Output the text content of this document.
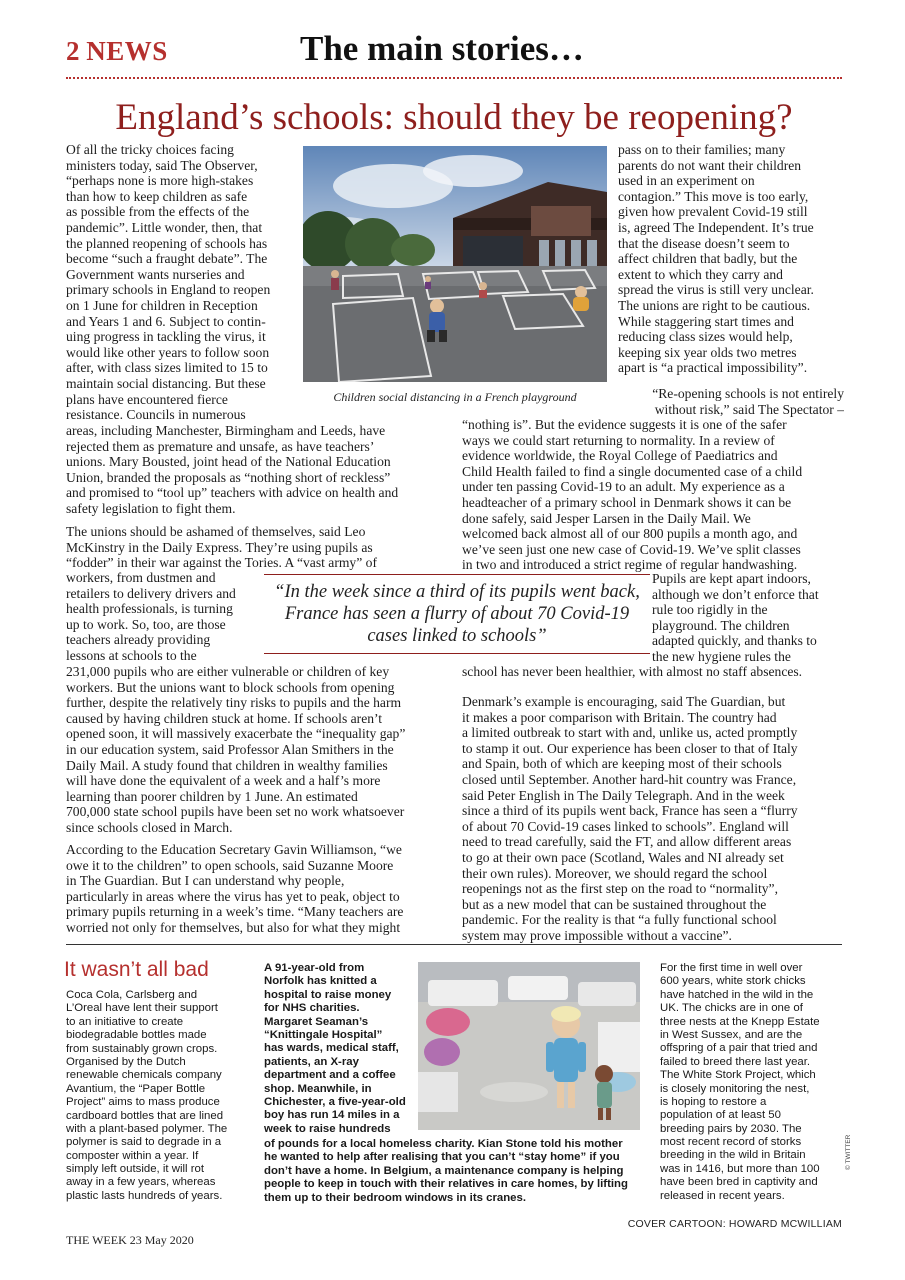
2 NEWS	The main stories…
England’s schools: should they be reopening?
Of all the tricky choices facing
ministers today, said The Observer,
“perhaps none is more high-stakes
than how to keep children as safe
as possible from the effects of the
pandemic”. Little wonder, then, that
the planned reopening of schools has
become “such a fraught debate”. The
Government wants nurseries and
primary schools in England to reopen
on 1 June for children in Reception
and Years 1 and 6. Subject to contin-
uing progress in tackling the virus, it
would like other years to follow soon
after, with class sizes limited to 15 to
maintain social distancing. But these
plans have encountered fierce
resistance. Councils in numerous
areas, including Manchester, Birmingham and Leeds, have
rejected them as premature and unsafe, as have teachers’
unions. Mary Bousted, joint head of the National Education
Union, branded the proposals as “nothing short of reckless”
and promised to “tool up” teachers with advice on health and
safety legislation to fight them.
The unions should be ashamed of themselves, said Leo
McKinstry in the Daily Express. They’re using pupils as
“fodder” in their war against the Tories. A “vast army” of
workers, from dustmen and
retailers to delivery drivers and
health professionals, is turning
up to work. So, too, are those
teachers already providing
lessons at schools to the
231,000 pupils who are either vulnerable or children of key
workers. But the unions want to block schools from opening
further, despite the relatively tiny risks to pupils and the harm
caused by having children stuck at home. If schools aren’t
opened soon, it will massively exacerbate the “inequality gap”
in our education system, said Professor Alan Smithers in the
Daily Mail. A study found that children in wealthy families
will have done the equivalent of a week and a half’s more
learning than poorer children by 1 June. An estimated
700,000 state school pupils have been set no work whatsoever
since schools closed in March.
According to the Education Secretary Gavin Williamson, “we
owe it to the children” to open schools, said Suzanne Moore
in The Guardian. But I can understand why people,
particularly in areas where the virus has yet to peak, object to
primary pupils returning in a week’s time. “Many teachers are
worried not only for themselves, but also for what they might
pass on to their families; many
parents do not want their children
used in an experiment on
contagion.” This move is too early,
given how prevalent Covid-19 still
is, agreed The Independent. It’s true
that the disease doesn’t seem to
affect children that badly, but the
extent to which they carry and
spread the virus is still very unclear.
The unions are right to be cautious.
While staggering start times and
reducing class sizes would help,
keeping six year olds two metres
apart is “a practical impossibility”.
“Re-opening schools is not entirely
without risk,” said The Spectator –
“nothing is”. But the evidence suggests it is one of the safer
ways we could start returning to normality. In a review of
evidence worldwide, the Royal College of Paediatrics and
Child Health failed to find a single documented case of a child
under ten passing Covid-19 to an adult. My experience as a
headteacher of a primary school in Denmark shows it can be
done safely, said Jesper Larsen in the Daily Mail. We
welcomed back almost all of our 800 pupils a month ago, and
we’ve seen just one new case of Covid-19. We’ve split classes
in two and introduced a strict regime of regular handwashing.
Pupils are kept apart indoors,
although we don’t enforce that
rule too rigidly in the
playground. The children
adapted quickly, and thanks to
the new hygiene rules the
school has never been healthier, with almost no staff absences.
Denmark’s example is encouraging, said The Guardian, but
it makes a poor comparison with Britain. The country had
a limited outbreak to start with and, unlike us, acted promptly
to stamp it out. Our experience has been closer to that of Italy
and Spain, both of which are keeping most of their schools
closed until September. Another hard-hit country was France,
said Peter English in The Daily Telegraph. And in the week
since a third of its pupils went back, France has seen a “flurry
of about 70 Covid-19 cases linked to schools”. England will
need to tread carefully, said the FT, and allow different areas
to go at their own pace (Scotland, Wales and NI already set
their own rules). Moreover, we should regard the school
reopenings not as the first step on the road to “normality”,
but as a new model that can be sustained throughout the
pandemic. For the reality is that “a fully functional school
system may prove impossible without a vaccine”.
Children social distancing in a French playground
“In the week since a third of its pupils went back, France has seen a flurry of about 70 Covid-19 cases linked to schools”
It wasn’t all bad
Coca Cola, Carlsberg and
L’Oreal have lent their support
to an initiative to create
biodegradable bottles made
from sustainably grown crops.
Organised by the Dutch
renewable chemicals company
Avantium, the “Paper Bottle
Project” aims to mass produce
cardboard bottles that are lined
with a plant-based polymer. The
polymer is said to degrade in a
composter within a year. If
simply left outside, it will rot
away in a few years, whereas
plastic lasts hundreds of years.
A 91-year-old from
Norfolk has knitted a
hospital to raise money
for NHS charities.
Margaret Seaman’s
“Knittingale Hospital”
has wards, medical staff,
patients, an X-ray
department and a coffee
shop. Meanwhile, in
Chichester, a five-year-old
boy has run 14 miles in a
week to raise hundreds
of pounds for a local homeless charity. Kian Stone told his mother
he wanted to help after realising that you can’t “stay home” if you
don’t have a home. In Belgium, a maintenance company is helping
people to keep in touch with their relatives in care homes, by lifting
them up to their bedroom windows in its cranes.
For the first time in well over
600 years, white stork chicks
have hatched in the wild in the
UK. The chicks are in one of
three nests at the Knepp Estate
in West Sussex, and are the
offspring of a pair that tried and
failed to breed there last year.
The White Stork Project, which
is closely monitoring the nest,
is hoping to restore a
population of at least 50
breeding pairs by 2030. The
most recent record of storks
breeding in the wild in Britain
was in 1416, but more than 100
have been bred in captivity and
released in recent years.
THE WEEK 23 May 2020
COVER CARTOON: HOWARD MCWILLIAM
© TWITTER
